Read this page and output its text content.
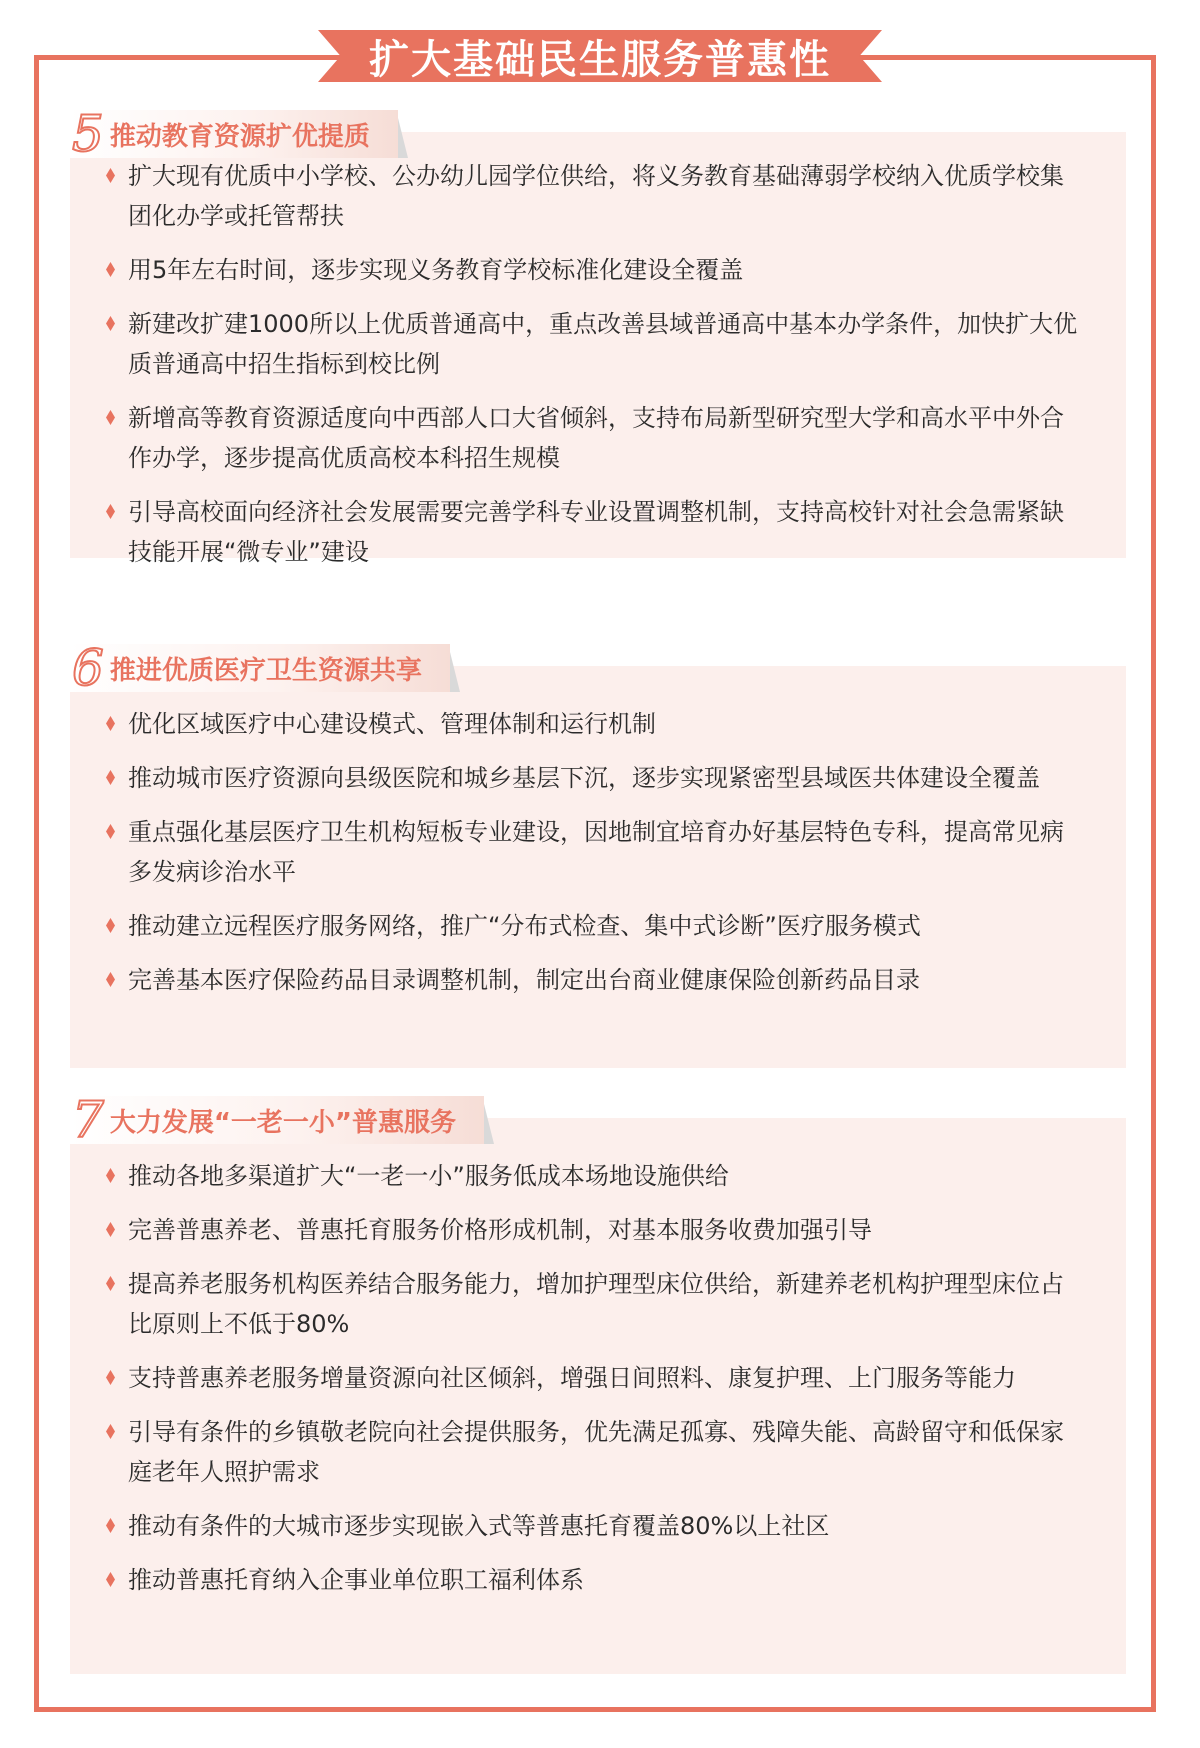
扩大基础民生服务普惠性
5 推动教育资源扩优提质
扩大现有优质中小学校、公办幼儿园学位供给，将义务教育基础薄弱学校纳入优质学校集团化办学或托管帮扶
用5年左右时间，逐步实现义务教育学校标准化建设全覆盖
新建改扩建1000所以上优质普通高中，重点改善县域普通高中基本办学条件，加快扩大优质普通高中招生指标到校比例
新增高等教育资源适度向中西部人口大省倾斜，支持布局新型研究型大学和高水平中外合作办学，逐步提高优质高校本科招生规模
引导高校面向经济社会发展需要完善学科专业设置调整机制，支持高校针对社会急需紧缺技能开展“微专业”建设
6 推进优质医疗卫生资源共享
优化区域医疗中心建设模式、管理体制和运行机制
推动城市医疗资源向县级医院和城乡基层下沉，逐步实现紧密型县域医共体建设全覆盖
重点强化基层医疗卫生机构短板专业建设，因地制宜培育办好基层特色专科，提高常见病多发病诊治水平
推动建立远程医疗服务网络，推广“分布式检查、集中式诊断”医疗服务模式
完善基本医疗保险药品目录调整机制，制定出台商业健康保险创新药品目录
7 大力发展“一老一小”普惠服务
推动各地多渠道扩大“一老一小”服务低成本场地设施供给
完善普惠养老、普惠托育服务价格形成机制，对基本服务收费加强引导
提高养老服务机构医养结合服务能力，增加护理型床位供给，新建养老机构护理型床位占比原则上不低于80%
支持普惠养老服务增量资源向社区倾斜，增强日间照料、康复护理、上门服务等能力
引导有条件的乡镇敬老院向社会提供服务，优先满足孤寡、残障失能、高龄留守和低保家庭老年人照护需求
推动有条件的大城市逐步实现嵌入式等普惠托育覆盖80%以上社区
推动普惠托育纳入企事业单位职工福利体系
